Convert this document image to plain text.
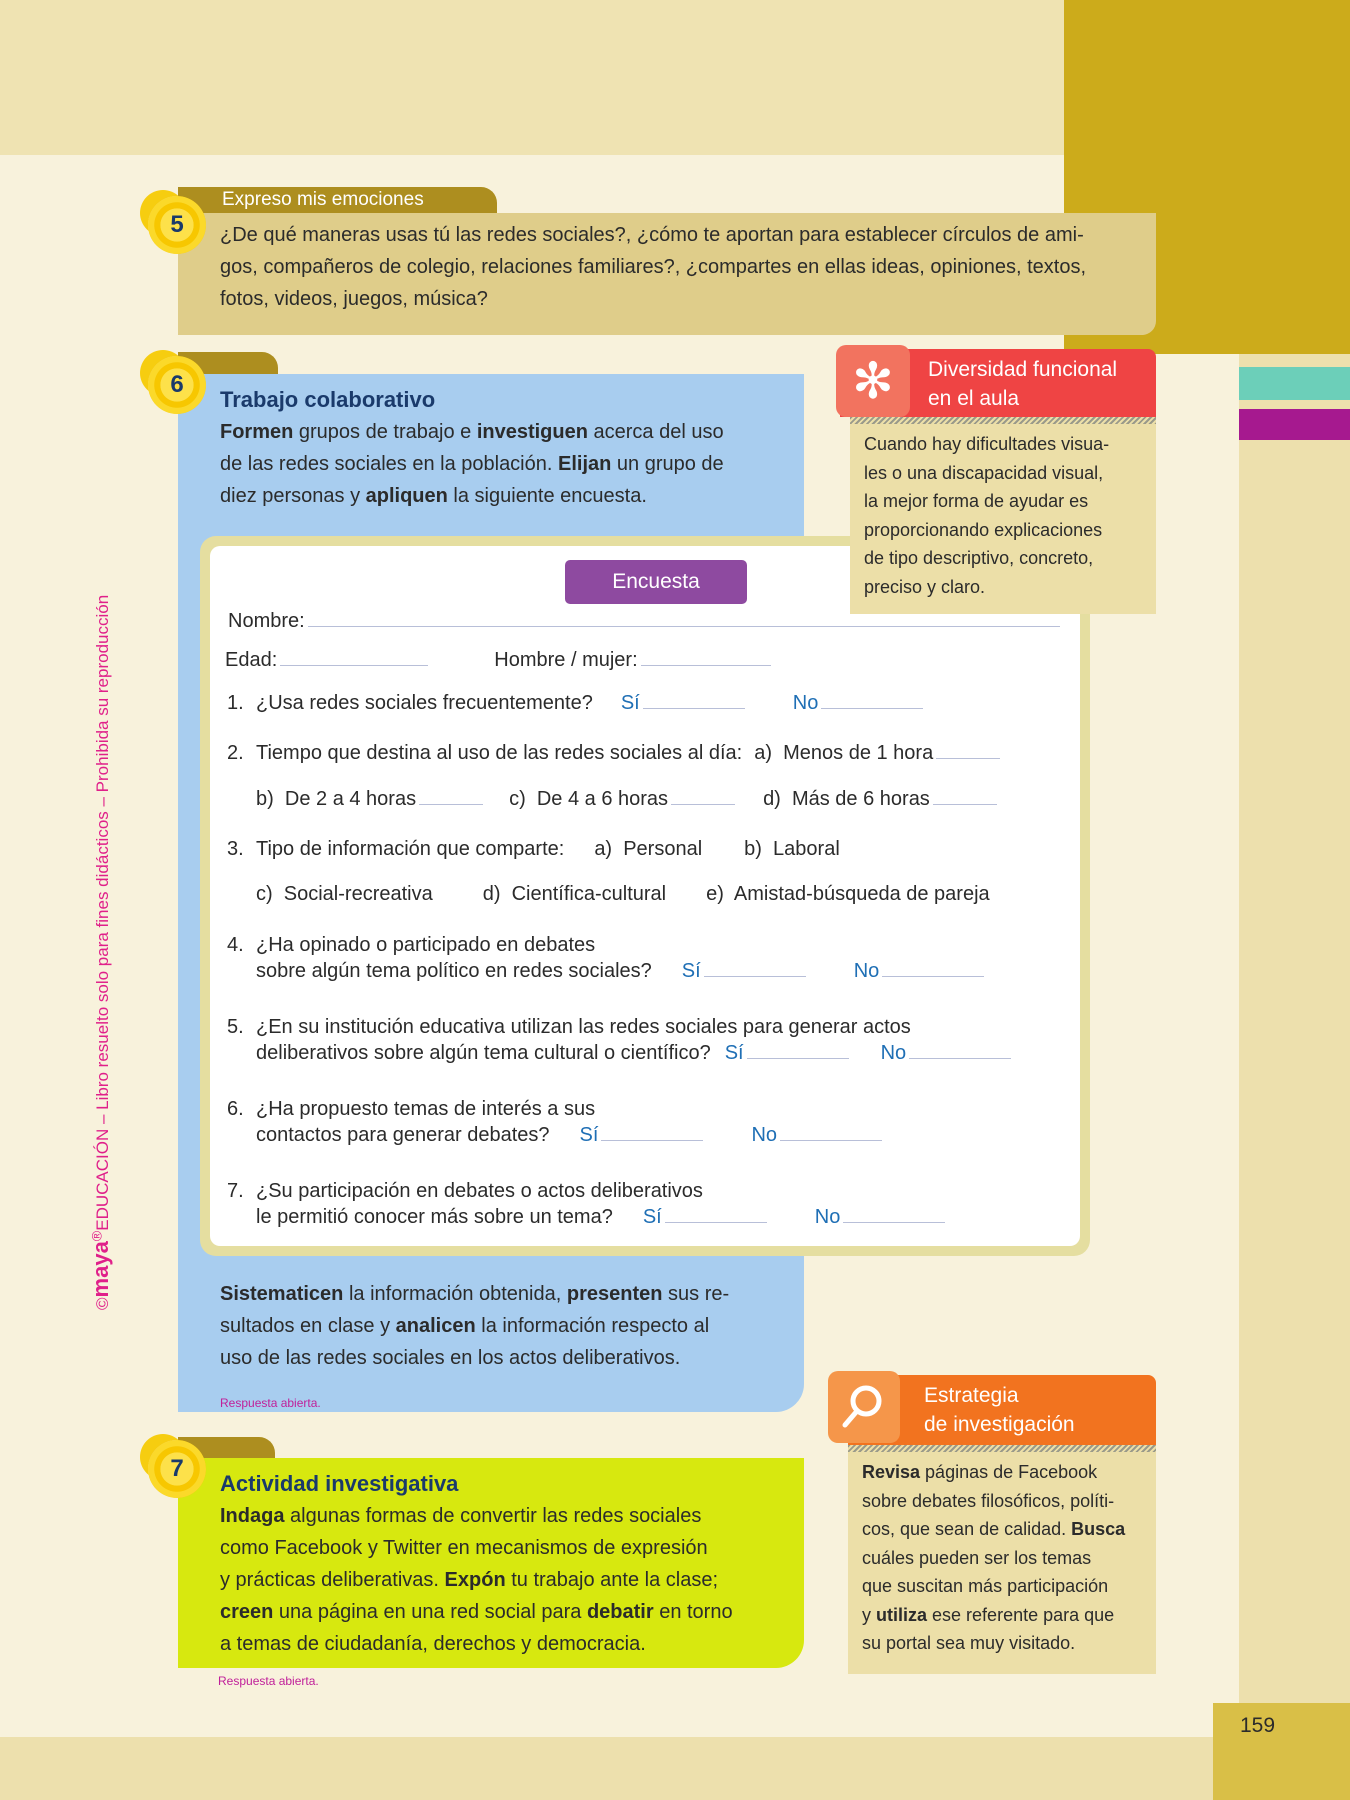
159
©maya®EDUCACIÓN – Libro resuelto solo para fines didácticos – Prohibida su reproducción
Expreso mis emociones
¿De qué maneras usas tú las redes sociales?, ¿cómo te aportan para establecer círculos de ami-
gos, compañeros de colegio, relaciones familiares?, ¿compartes en ellas ideas, opiniones, textos,
fotos, videos, juegos, música?
5
Trabajo colaborativo
Formen grupos de trabajo e investiguen acerca del uso
de las redes sociales en la población. Elijan un grupo de
diez personas y apliquen la siguiente encuesta.
Sistematicen la información obtenida, presenten sus re-
sultados en clase y analicen la información respecto al
uso de las redes sociales en los actos deliberativos.
Respuesta abierta.
6
Encuesta
Nombre:
Edad:	Hombre / mujer:
1. ¿Usa redes sociales frecuentemente? Sí	No
2. Tiempo que destina al uso de las redes sociales al día: a)  Menos de 1 hora
b)  De 2 a 4 horas	c)  De 4 a 6 horas	d)  Más de 6 horas
3. Tipo de información que comparte: a)  Personal b)  Laboral
c)  Social-recreativa	d)  Científica-cultural e)  Amistad-búsqueda de pareja
4. ¿Ha opinado o participado en debates
sobre algún tema político en redes sociales? Sí	No
5. ¿En su institución educativa utilizan las redes sociales para generar actos
deliberativos sobre algún tema cultural o científico? Sí	No
6. ¿Ha propuesto temas de interés a sus
contactos para generar debates? Sí	No
7. ¿Su participación en debates o actos deliberativos
le permitió conocer más sobre un tema? Sí	No
Diversidad funcional
en el aula
✻
Cuando hay dificultades visua-
les o una discapacidad visual,
la mejor forma de ayudar es
proporcionando explicaciones
de tipo descriptivo, concreto,
preciso y claro.
Actividad investigativa
Indaga algunas formas de convertir las redes sociales
como Facebook y Twitter en mecanismos de expresión
y prácticas deliberativas. Expón tu trabajo ante la clase;
creen una página en una red social para debatir en torno
a temas de ciudadanía, derechos y democracia.
7
Respuesta abierta.
Estrategia
de investigación
Revisa páginas de Facebook
sobre debates filosóficos, políti-
cos, que sean de calidad. Busca
cuáles pueden ser los temas
que suscitan más participación
y utiliza ese referente para que
su portal sea muy visitado.
